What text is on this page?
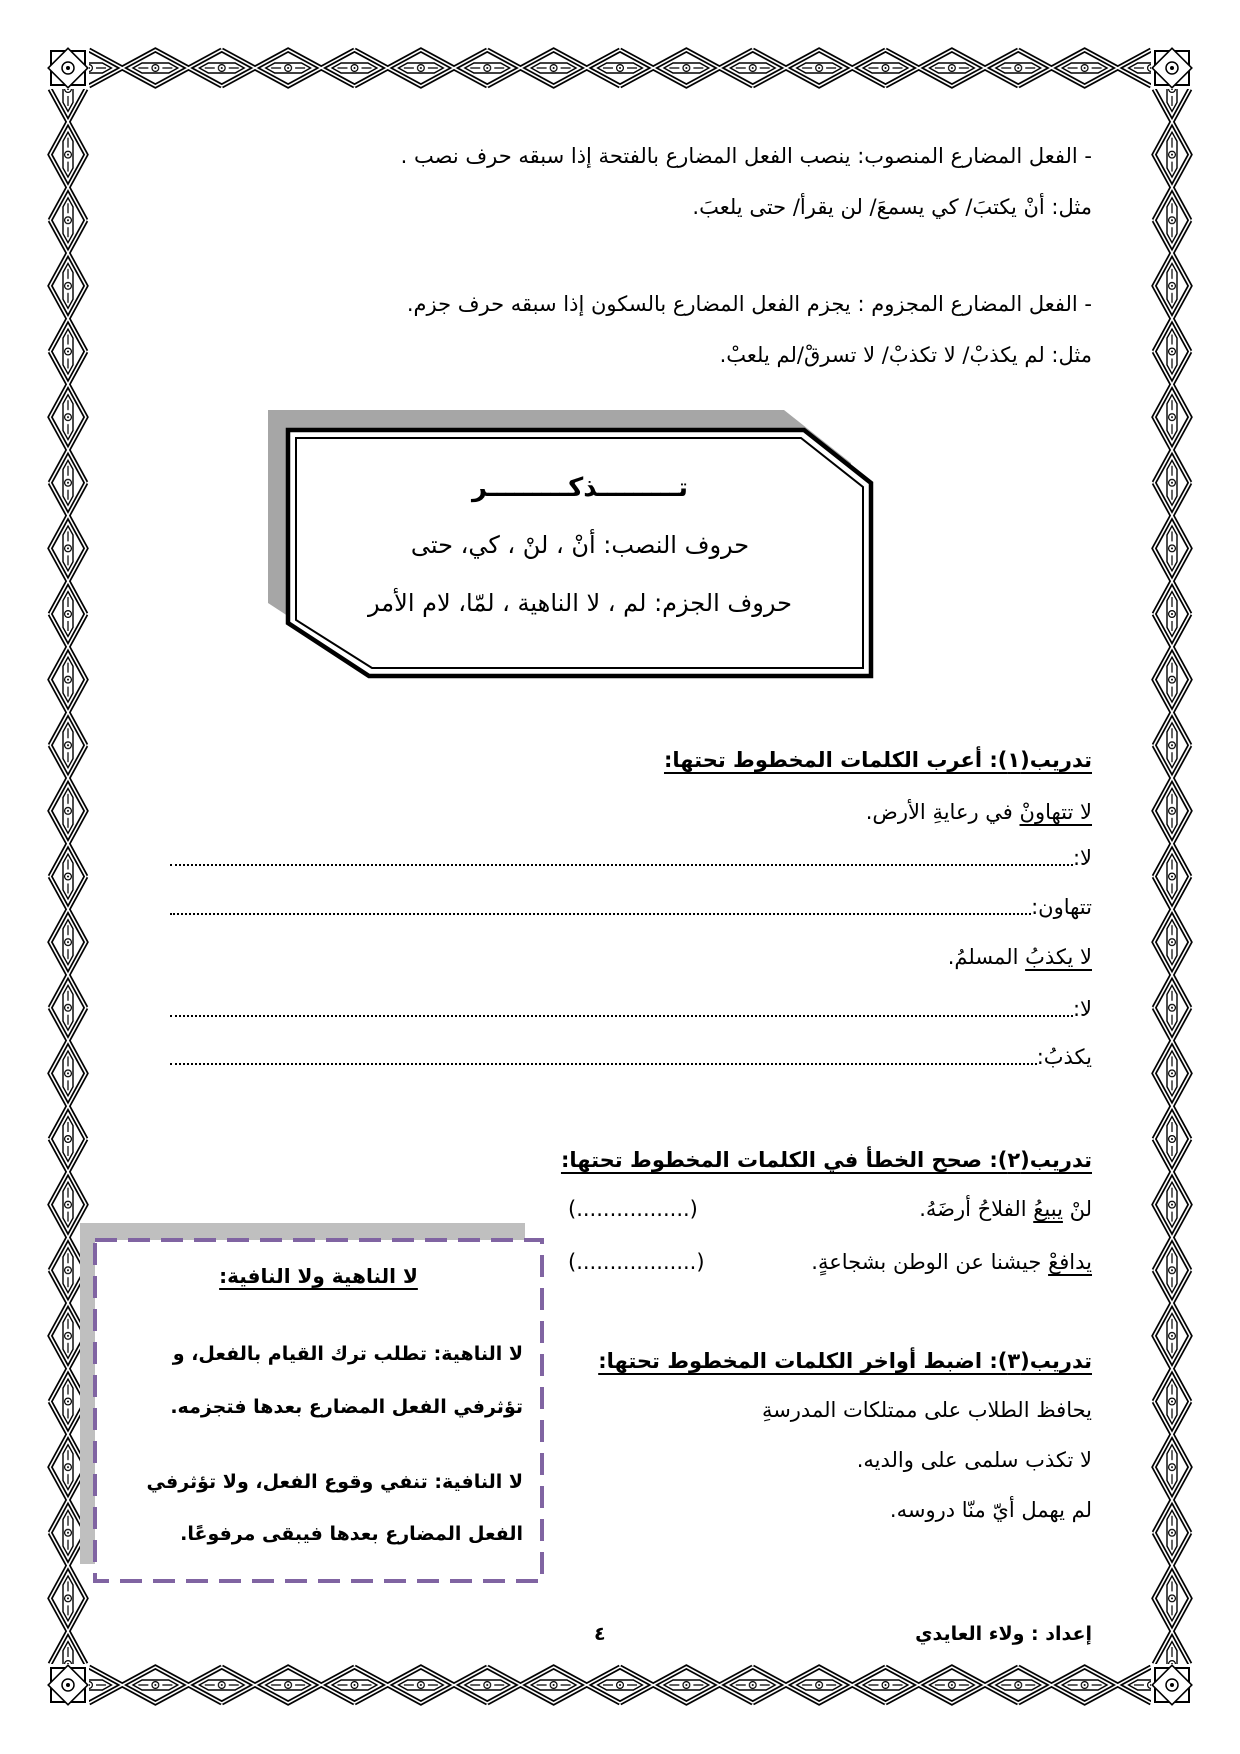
- الفعل المضارع المنصوب: ينصب الفعل المضارع بالفتحة إذا سبقه حرف نصب .
مثل: أنْ يكتبَ/ كي يسمعَ/ لن يقرأ/ حتى يلعبَ.
- الفعل المضارع المجزوم : يجزم الفعل المضارع بالسكون إذا سبقه حرف جزم.
مثل: لم يكذبْ/ لا تكذبْ/ لا تسرقْ/لم يلعبْ.
تـــــــــذكـــــــــر
حروف النصب: أنْ ، لنْ ، كي، حتى
حروف الجزم: لم ، لا الناهية ، لمّا، لام الأمر
تدريب(١): أعرب الكلمات المخطوط تحتها:
لا تتهاونْ في رعايةِ الأرض.
لا:
تتهاون:
لا يكذبُ المسلمُ.
لا:
يكذبُ:
تدريب(٢): صحح الخطأ في الكلمات المخطوط تحتها:
لنْ يبيعُ الفلاحُ أرضَهُ.
(.................)
يدافعْ جيشنا عن الوطن بشجاعةٍ.
(..................)
تدريب(٣): اضبط أواخر الكلمات المخطوط تحتها:
يحافظ الطلاب على ممتلكات المدرسةِ
لا تكذب سلمى على والديه.
لم يهمل أيّ منّا دروسه.
لا الناهية ولا النافية:
لا الناهية: تطلب ترك القيام بالفعل، و
تؤثرفي الفعل المضارع بعدها فتجزمه.
لا النافية: تنفي وقوع الفعل، ولا تؤثرفي
الفعل المضارع بعدها فيبقى مرفوعًا.
إعداد : ولاء العايدي
٤
